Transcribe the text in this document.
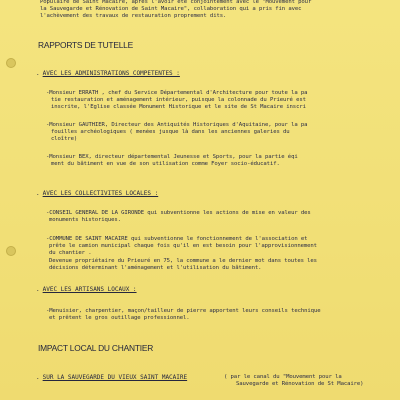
Populaire de Saint Macaire, après l'avoir été conjointement avec le "Mouvement pour
la Sauvegarde et Rénovation de Saint Macaire", collaboration qui a pris fin avec
l'achèvement des travaux de restauration proprement dits.
RAPPORTS DE TUTELLE
. AVEC LES ADMINISTRATIONS COMPETENTES :
-Monsieur ERRATH , chef du Service Départemental d'Architecture pour toute la pa
tie restauration et aménagement intérieur, puisque la colonnade du Prieuré est
inscrite, l'Eglise classée Monument Historique et le site de St Macaire inscri
-Monsieur GAUTHIER, Directeur des Antiquités Historiques d'Aquitaine, pour la pa
fouilles archéologiques ( menées jusque là dans les anciennes galeries du
cloître)
-Monsieur BEX, directeur départemental Jeunesse et Sports, pour la partie éqi
ment du bâtiment en vue de son utilisation comme Foyer socio-éducatif.
. AVEC LES COLLECTIVITES LOCALES :
-CONSEIL GENERAL DE LA GIRONDE qui subventionne les actions de mise en valeur des
monuments historiques.
-COMMUNE DE SAINT MACAIRE qui subventionne le fonctionnement de l'association et
prête le camion municipal chaque fois qu'il en est besoin pour l'approvisionnement
du chantier .
Devenue propriétaire du Prieuré en 75, la commune a le dernier mot dans toutes les
décisions déterminant l'aménagement et l'utilisation du bâtiment.
. AVEC LES ARTISANS LOCAUX :
-Menuisier, charpentier, maçon/tailleur de pierre apportent leurs conseils technique
et prêtent le gros outillage professionnel.
IMPACT LOCAL DU CHANTIER
. SUR LA SAUVEGARDE DU VIEUX SAINT MACAIRE	( par le canal du "Mouvement pour la
Sauvegarde et Rénovation de St Macaire)
